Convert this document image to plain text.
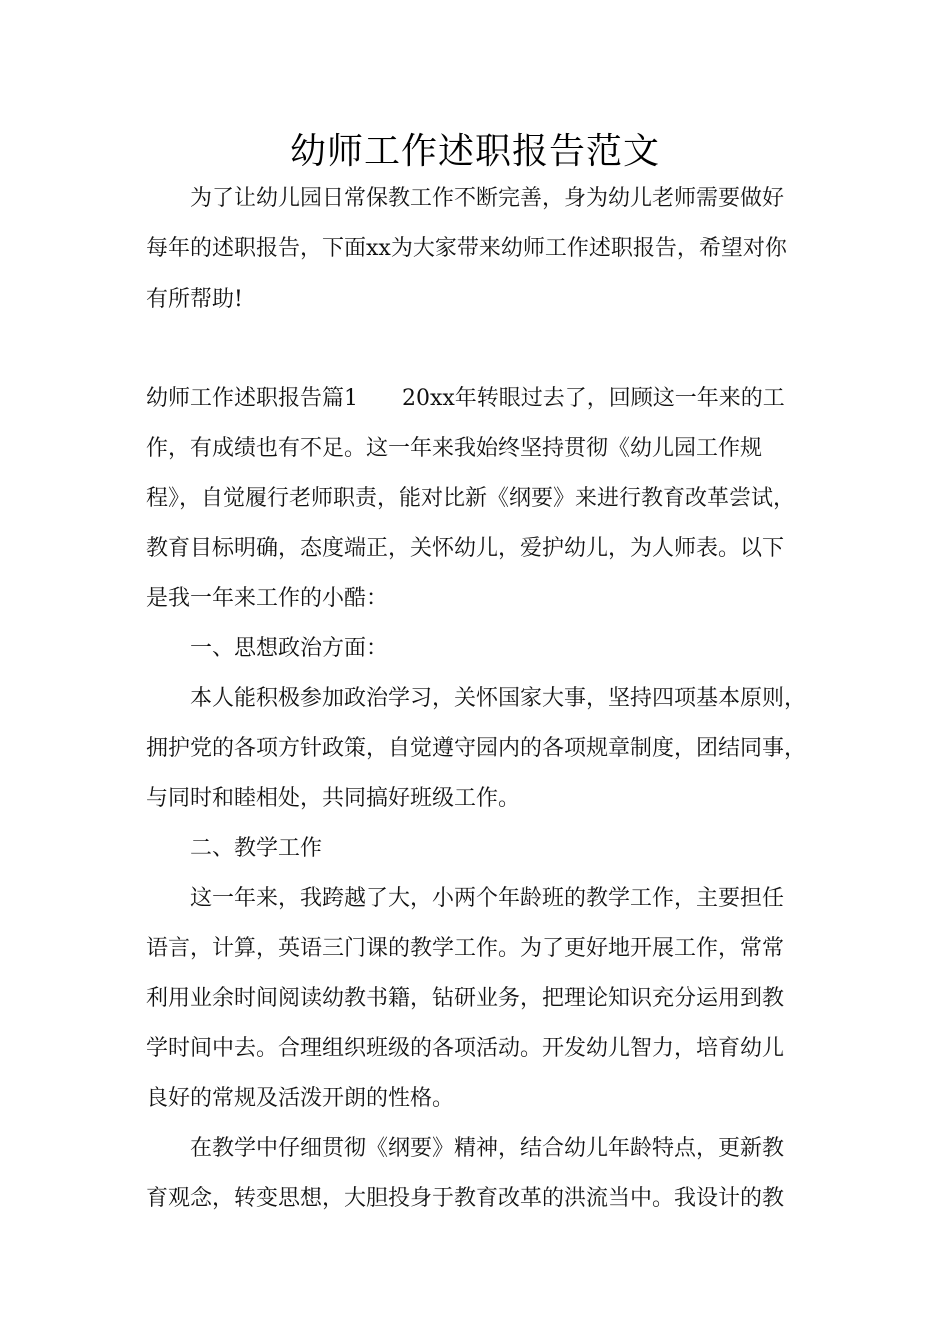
幼师工作述职报告范文
为了让幼儿园日常保教工作不断完善，身为幼儿老师需要做好
每年的述职报告，下面xx为大家带来幼师工作述职报告，希望对你
有所帮助!
幼师工作述职报告篇1 20xx年转眼过去了，回顾这一年来的工
作，有成绩也有不足。这一年来我始终坚持贯彻《幼儿园工作规
程》，自觉履行老师职责，能对比新《纲要》来进行教育改革尝试，
教育目标明确，态度端正，关怀幼儿，爱护幼儿，为人师表。以下
是我一年来工作的小酷：
一、思想政治方面：
本人能积极参加政治学习，关怀国家大事，坚持四项基本原则，
拥护党的各项方针政策，自觉遵守园内的各项规章制度，团结同事，
与同时和睦相处，共同搞好班级工作。
二、教学工作
这一年来，我跨越了大，小两个年龄班的教学工作，主要担任
语言，计算，英语三门课的教学工作。为了更好地开展工作，常常
利用业余时间阅读幼教书籍，钻研业务，把理论知识充分运用到教
学时间中去。合理组织班级的各项活动。开发幼儿智力，培育幼儿
良好的常规及活泼开朗的性格。
在教学中仔细贯彻《纲要》精神，结合幼儿年龄特点，更新教
育观念，转变思想，大胆投身于教育改革的洪流当中。我设计的教
